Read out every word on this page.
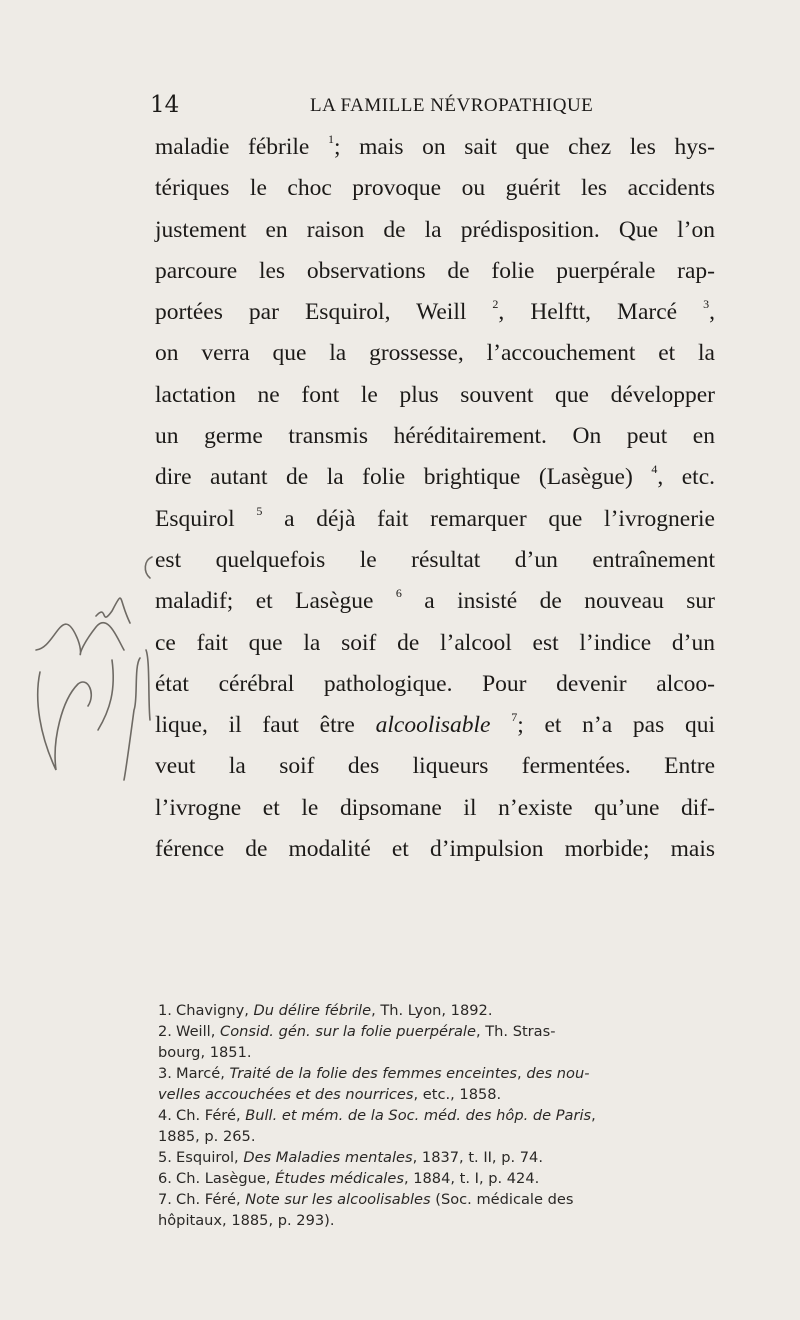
14	LA FAMILLE NÉVROPATHIQUE
maladie fébrile $^1$; mais on sait que chez les hys-
tériques le choc provoque ou guérit les accidents
justement en raison de la prédisposition. Que l’on
parcoure les observations de folie puerpérale rap-
portées par Esquirol, Weill $^2$, Helftt, Marcé $^3$,
on verra que la grossesse, l’accouchement et la
lactation ne font le plus souvent que développer
un germe transmis héréditairement. On peut en
dire autant de la folie brightique (Lasègue) $^4$, etc.
Esquirol $^5$ a déjà fait remarquer que l’ivrognerie
est quelquefois le résultat d’un entraînement
maladif; et Lasègue $^6$ a insisté de nouveau sur
ce fait que la soif de l’alcool est l’indice d’un
état cérébral pathologique. Pour devenir alcoo-
lique, il faut être alcoolisable $^7$; et n’a pas qui
veut la soif des liqueurs fermentées. Entre
l’ivrogne et le dipsomane il n’existe qu’une dif-
férence de modalité et d’impulsion morbide; mais
1. Chavigny, Du délire fébrile, Th. Lyon, 1892.
2. Weill, Consid. gén. sur la folie puerpérale, Th. Stras-
bourg, 1851.
3. Marcé, Traité de la folie des femmes enceintes, des nou-
velles accouchées et des nourrices, etc., 1858.
4. Ch. Féré, Bull. et mém. de la Soc. méd. des hôp. de Paris,
1885, p. 265.
5. Esquirol, Des Maladies mentales, 1837, t. II, p. 74.
6. Ch. Lasègue, Études médicales, 1884, t. I, p. 424.
7. Ch. Féré, Note sur les alcoolisables (Soc. médicale des
hôpitaux, 1885, p. 293).
